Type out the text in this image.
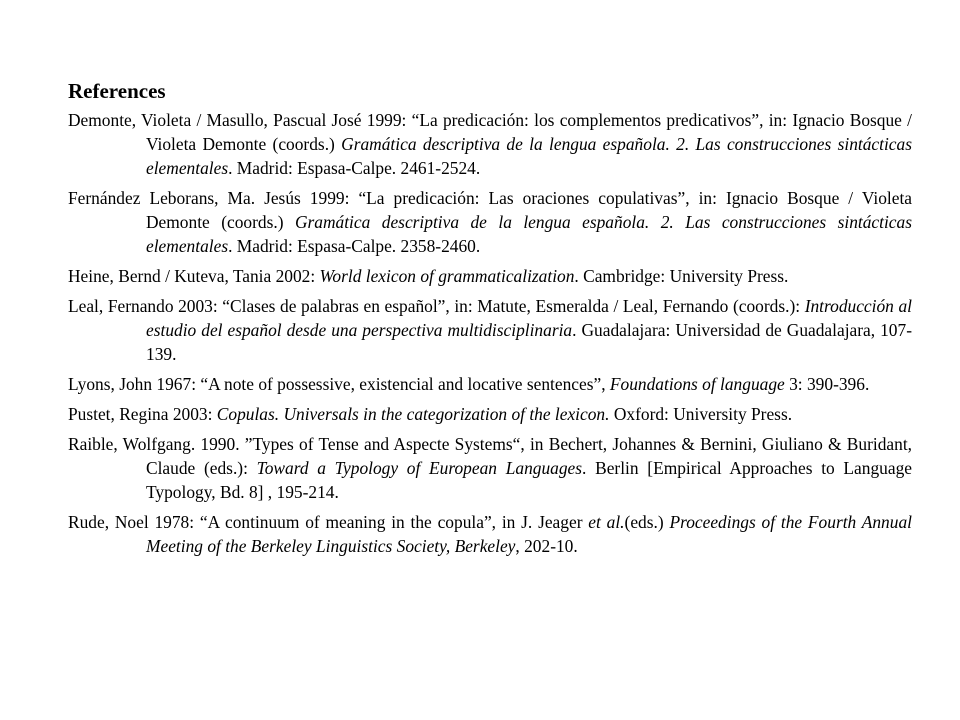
References

Demonte, Violeta / Masullo, Pascual José 1999: “La predicación: los complementos predicativos”, in: Ignacio Bosque / Violeta Demonte (coords.) Gramática descriptiva de la lengua española. 2. Las construcciones sintácticas elementales. Madrid: Espasa-Calpe. 2461-2524.

Fernández Leborans, Ma. Jesús 1999: “La predicación: Las oraciones copulativas”, in: Ignacio Bosque / Violeta Demonte (coords.) Gramática descriptiva de la lengua española. 2. Las construcciones sintácticas elementales. Madrid: Espasa-Calpe. 2358-2460.

Heine, Bernd / Kuteva, Tania 2002: World lexicon of grammaticalization. Cambridge: University Press.

Leal, Fernando 2003: “Clases de palabras en español”, in: Matute, Esmeralda / Leal, Fernando (coords.): Introducción al estudio del español desde una perspectiva multidisciplinaria. Guadalajara: Universidad de Guadalajara, 107-139.

Lyons, John 1967: “A note of possessive, existencial and locative sentences”, Foundations of language 3: 390-396.

Pustet, Regina 2003: Copulas. Universals in the categorization of the lexicon. Oxford: University Press.

Raible, Wolfgang. 1990. ”Types of Tense and Aspecte Systems“, in Bechert, Johannes & Bernini, Giuliano & Buridant, Claude (eds.): Toward a Typology of European Languages. Berlin [Empirical Approaches to Language Typology, Bd. 8] , 195-214.

Rude, Noel 1978: “A continuum of meaning in the copula”, in J. Jeager et al.(eds.) Proceedings of the Fourth Annual Meeting of the Berkeley Linguistics Society, Berkeley, 202-10.
